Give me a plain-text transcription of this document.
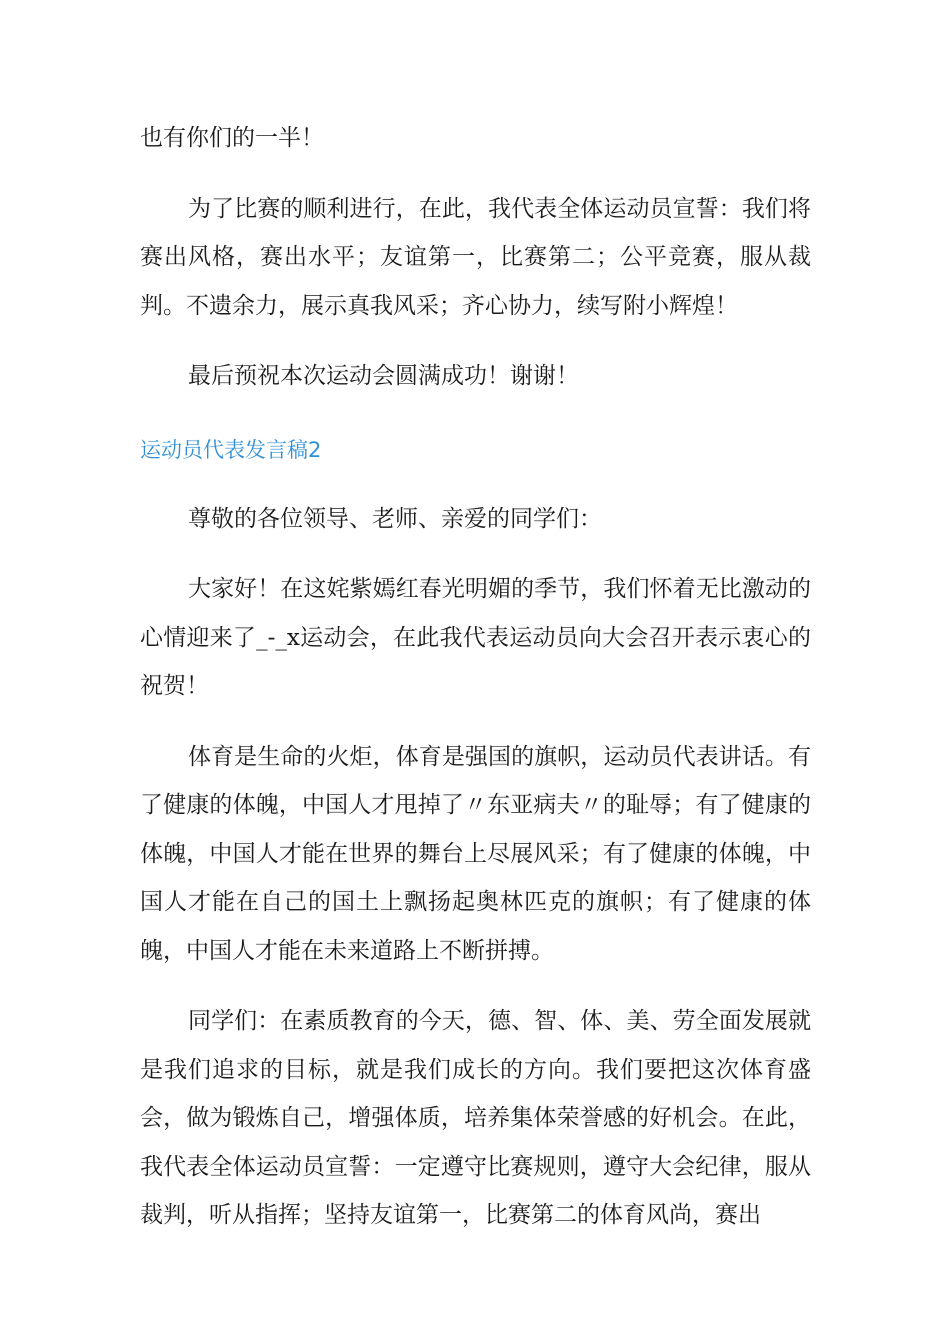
也有你们的一半！

为了比赛的顺利进行，在此，我代表全体运动员宣誓：我们将赛出风格，赛出水平；友谊第一，比赛第二；公平竞赛，服从裁判。不遗余力，展示真我风采；齐心协力，续写附小辉煌！

最后预祝本次运动会圆满成功！谢谢！

运动员代表发言稿2

尊敬的各位领导、老师、亲爱的同学们：

大家好！在这姹紫嫣红春光明媚的季节，我们怀着无比激动的心情迎来了_-_x运动会，在此我代表运动员向大会召开表示衷心的祝贺！

体育是生命的火炬，体育是强国的旗帜，运动员代表讲话。有了健康的体魄，中国人才甩掉了〃东亚病夫〃的耻辱；有了健康的体魄，中国人才能在世界的舞台上尽展风采；有了健康的体魄，中国人才能在自己的国土上飘扬起奥林匹克的旗帜；有了健康的体魄，中国人才能在未来道路上不断拼搏。

同学们：在素质教育的今天，德、智、体、美、劳全面发展就是我们追求的目标，就是我们成长的方向。我们要把这次体育盛会，做为锻炼自己，增强体质，培养集体荣誉感的好机会。在此，我代表全体运动员宣誓：一定遵守比赛规则，遵守大会纪律，服从裁判，听从指挥；坚持友谊第一，比赛第二的体育风尚，赛出
